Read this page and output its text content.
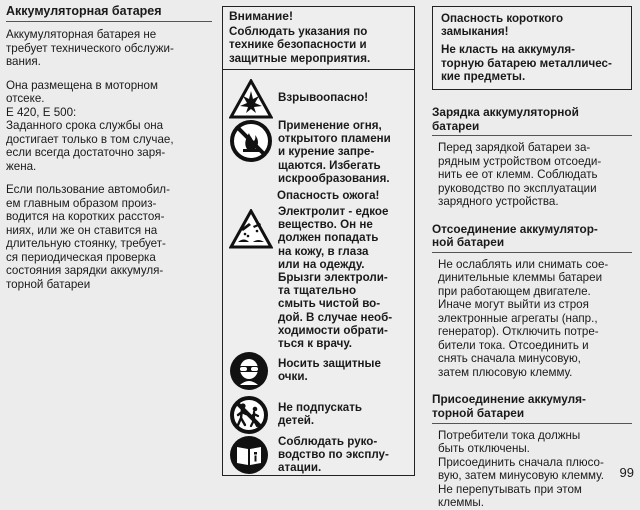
Аккумуляторная батарея

Аккумуляторная батарея не
требует технического обслужи-
вания.

Она размещена в моторном
отсеке.
Е 420, Е 500:
Заданного срока службы она
достигает только в том случае,
если всегда достаточно заря-
жена.

Если пользование автомобил-
ем главным образом произ-
водится на коротких расстоя-
ниях, или же он ставится на
длительную стоянку, требует-
ся периодическая проверка
состояния зарядки аккумуля-
торной батареи

Внимание!
Соблюдать указания по
технике безопасности и
защитные мероприятия.
Взрывоопасно!
Применение огня,
открытого пламени
и курение запре-
щаются. Избегать
искрообразования.
Опасность ожога!
Электролит - едкое
вещество. Он не
должен попадать
на кожу, в глаза
или на одежду.
Брызги электроли-
та тщательно
смыть чистой во-
дой. В случае необ-
ходимости обрати-
ться к врачу.
Носить защитные
очки.
Не подпускать
детей.
Соблюдать руко-
водство по эксплу-
атации.
Опасность короткого
замыкания!
Не класть на аккумуля-
торную батарею металличес-
кие предметы.
Зарядка аккумуляторной
батареи
Перед зарядкой батареи за-
рядным устройством отсоеди-
нить ее от клемм. Соблюдать
руководство по эксплуатации
зарядного устройства.
Отсоединение аккумулятор-
ной батареи
Не ослаблять или снимать сое-
динительные клеммы батареи
при работающем двигателе.
Иначе могут выйти из строя
электронные агрегаты (напр.,
генератор). Отключить потре-
бители тока. Отсоединить и
снять сначала минусовую,
затем плюсовую клемму.
Присоединение аккумуля-
торной батареи
Потребители тока должны
быть отключены.
Присоединить сначала плюсо-
вую, затем минусовую клемму.
Не перепутывать при этом
клеммы.
99
